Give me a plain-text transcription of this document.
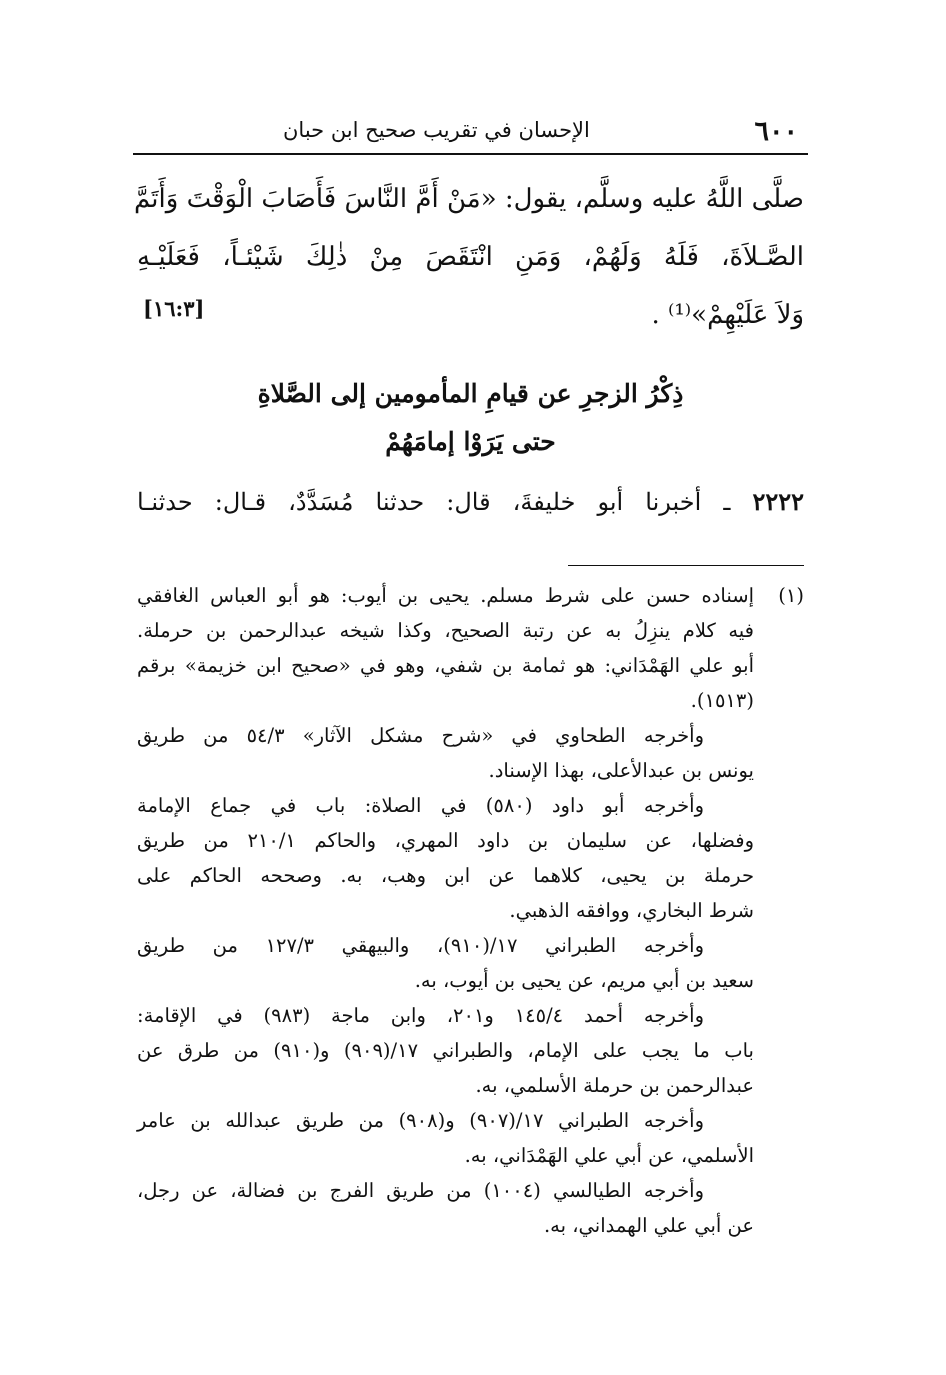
٦٠٠
الإحسان في تقريب صحيح ابن حبان
صلَّى اللَّهُ عليه وسلَّم، يقول: «مَنْ أَمَّ النَّاسَ فَأَصَابَ الْوَقْتَ وَأَتَمَّ
الصَّـلاَةَ، فَلَهُ وَلَهُمْ، وَمَنِ انْتَقَصَ مِنْ ذٰلِكَ شَيْئـاً، فَعَلَيْـهِ
وَلاَ عَلَيْهِمْ»⁽¹⁾ .
[١٦:٣]
ذِكْرُ الزجرِ عن قيامِ المأمومين إلى الصَّلاةِ
حتى يَرَوْا إمامَهُمْ
٢٢٢٢ ـ أخبرنا أبو خليفةَ، قال: حدثنا مُسَدَّدٌ، قـال: حدثنـا
(١)
إسناده حسن على شرط مسلم. يحيى بن أيوب: هو أبو العباس الغافقي
فيه كلام ينزِلُ به عن رتبة الصحيح، وكذا شيخه عبدالرحمن بن حرملة.
أبو علي الهَمْدَاني: هو ثمامة بن شفي، وهو في «صحيح ابن خزيمة» برقم
(١٥١٣).
وأخرجه الطحاوي في «شرح مشكل الآثار» ٥٤/٣ من طريق
يونس بن عبدالأعلى، بهذا الإسناد.
وأخرجه أبو داود (٥٨٠) في الصلاة: باب في جماع الإمامة
وفضلها، عن سليمان بن داود المهري، والحاكم ٢١٠/١ من طريق
حرملة بن يحيى، كلاهما عن ابن وهب، به. وصححه الحاكم على
شرط البخاري، ووافقه الذهبي.
وأخرجه الطبراني ١٧/(٩١٠)، والبيهقي ١٢٧/٣ من طريق
سعيد بن أبي مريم، عن يحيى بن أيوب، به.
وأخرجه أحمد ١٤٥/٤ و٢٠١، وابن ماجة (٩٨٣) في الإقامة:
باب ما يجب على الإمام، والطبراني ١٧/(٩٠٩) و(٩١٠) من طرق عن
عبدالرحمن بن حرملة الأسلمي، به.
وأخرجه الطبراني ١٧/(٩٠٧) و(٩٠٨) من طريق عبدالله بن عامر
الأسلمي، عن أبي علي الهَمْدَاني، به.
وأخرجه الطيالسي (١٠٠٤) من طريق الفرج بن فضالة، عن رجل،
عن أبي علي الهمداني، به.
